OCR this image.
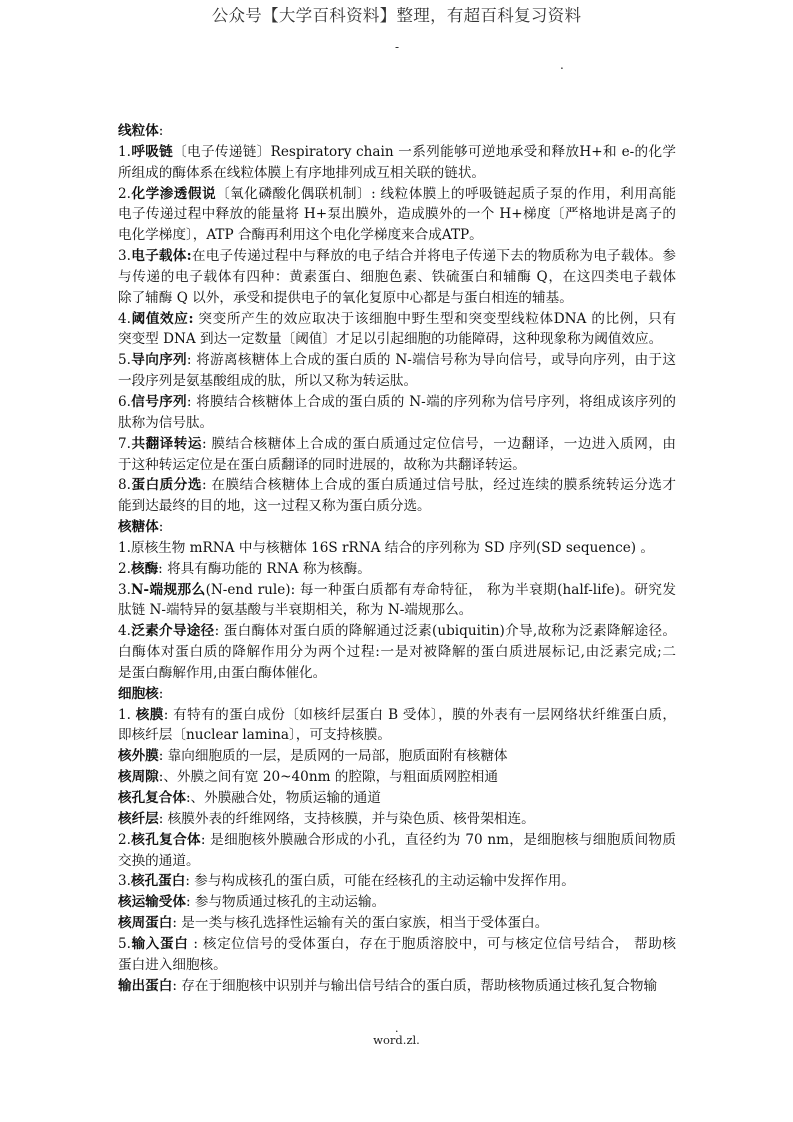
公众号【大学百科资料】整理，有超百科复习资料
-
.
线粒体:
1.呼吸链〔电子传递链〕Respiratory chain 一系列能够可逆地承受和释放H+和 e-的化学
所组成的酶体系在线粒体膜上有序地排列成互相关联的链状。
2.化学渗透假说〔氧化磷酸化偶联机制〕: 线粒体膜上的呼吸链起质子泵的作用，利用高能
电子传递过程中释放的能量将 H+泵出膜外，造成膜外的一个 H+梯度〔严格地讲是离子的
电化学梯度〕，ATP 合酶再利用这个电化学梯度来合成ATP。
3.电子载体:在电子传递过程中与释放的电子结合并将电子传递下去的物质称为电子载体。参
与传递的电子载体有四种：黄素蛋白、细胞色素、铁硫蛋白和辅酶 Q，在这四类电子载体
除了辅酶 Q 以外，承受和提供电子的氧化复原中心都是与蛋白相连的辅基。
4.阈值效应: 突变所产生的效应取决于该细胞中野生型和突变型线粒体DNA 的比例，只有
突变型 DNA 到达一定数量〔阈值〕才足以引起细胞的功能障碍，这种现象称为阈值效应。
5.导向序列: 将游离核糖体上合成的蛋白质的 N-端信号称为导向信号，或导向序列，由于这
一段序列是氨基酸组成的肽，所以又称为转运肽。
6.信号序列: 将膜结合核糖体上合成的蛋白质的 N-端的序列称为信号序列，将组成该序列的
肽称为信号肽。
7.共翻译转运: 膜结合核糖体上合成的蛋白质通过定位信号，一边翻译，一边进入质网，由
于这种转运定位是在蛋白质翻译的同时进展的，故称为共翻译转运。
8.蛋白质分选: 在膜结合核糖体上合成的蛋白质通过信号肽，经过连续的膜系统转运分选才
能到达最终的目的地，这一过程又称为蛋白质分选。
核糖体:
1.原核生物 mRNA 中与核糖体 16S rRNA 结合的序列称为 SD 序列(SD sequence) 。
2.核酶: 将具有酶功能的 RNA 称为核酶。
3.N-端规那么(N-end rule): 每一种蛋白质都有寿命特征， 称为半衰期(half-life)。研究发
肽链 N-端特异的氨基酸与半衰期相关，称为 N-端规那么。
4.泛素介导途径: 蛋白酶体对蛋白质的降解通过泛素(ubiquitin)介导,故称为泛素降解途径。
白酶体对蛋白质的降解作用分为两个过程:一是对被降解的蛋白质进展标记,由泛素完成;二
是蛋白酶解作用,由蛋白酶体催化。
细胞核:
1. 核膜: 有特有的蛋白成份〔如核纤层蛋白 B 受体〕，膜的外表有一层网络状纤维蛋白质，
即核纤层〔nuclear lamina〕，可支持核膜。
核外膜: 靠向细胞质的一层，是质网的一局部，胞质面附有核糖体
核周隙:、外膜之间有宽 20~40nm 的腔隙，与粗面质网腔相通
核孔复合体:、外膜融合处，物质运输的通道
核纤层: 核膜外表的纤维网络，支持核膜，并与染色质、核骨架相连。
2.核孔复合体: 是细胞核外膜融合形成的小孔，直径约为 70 nm，是细胞核与细胞质间物质
交换的通道。
3.核孔蛋白: 参与构成核孔的蛋白质，可能在经核孔的主动运输中发挥作用。
核运输受体: 参与物质通过核孔的主动运输。
核周蛋白: 是一类与核孔选择性运输有关的蛋白家族，相当于受体蛋白。
5.输入蛋白 : 核定位信号的受体蛋白，存在于胞质溶胶中，可与核定位信号结合， 帮助核
蛋白进入细胞核。
输出蛋白: 存在于细胞核中识别并与输出信号结合的蛋白质，帮助核物质通过核孔复合物输
.
word.zl.
